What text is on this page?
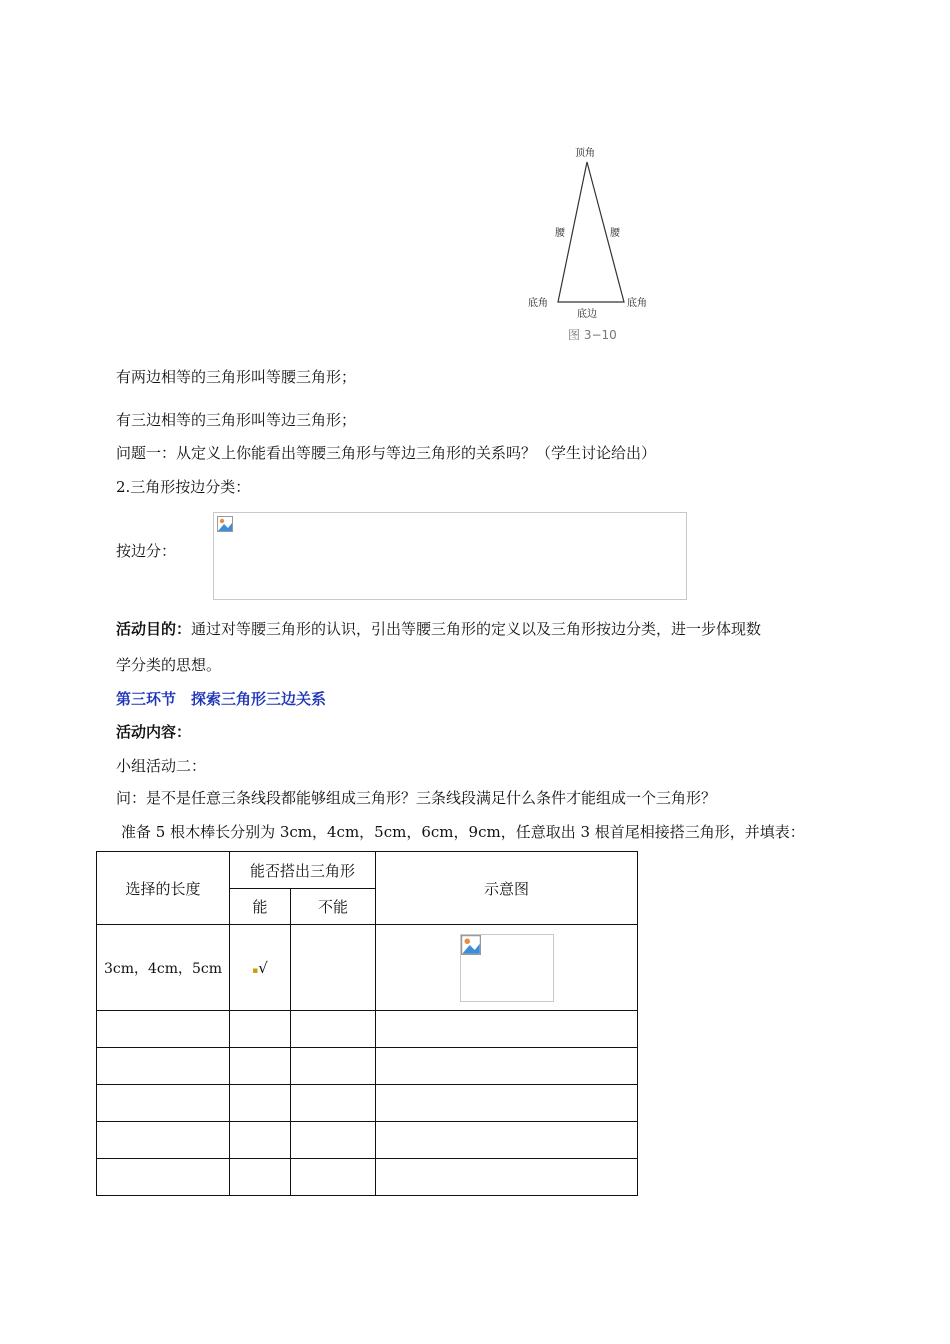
顶角
腰	腰
底角	底角
底边
图 3−10
有两边相等的三角形叫等腰三角形；
有三边相等的三角形叫等边三角形；
问题一：从定义上你能看出等腰三角形与等边三角形的关系吗？（学生讨论给出）
2.三角形按边分类：
按边分：
活动目的：通过对等腰三角形的认识，引出等腰三角形的定义以及三角形按边分类，进一步体现数
学分类的思想。
第三环节　探索三角形三边关系
活动内容：
小组活动二：
问：是不是任意三条线段都能够组成三角形？三条线段满足什么条件才能组成一个三角形？
准备 5 根木棒长分别为 3cm，4cm，5cm，6cm，9cm，任意取出 3 根首尾相接搭三角形，并填表：
选择的长度	能否搭出三角形		示意图
	能	不能	
3cm，4cm，5cm	▪√		
